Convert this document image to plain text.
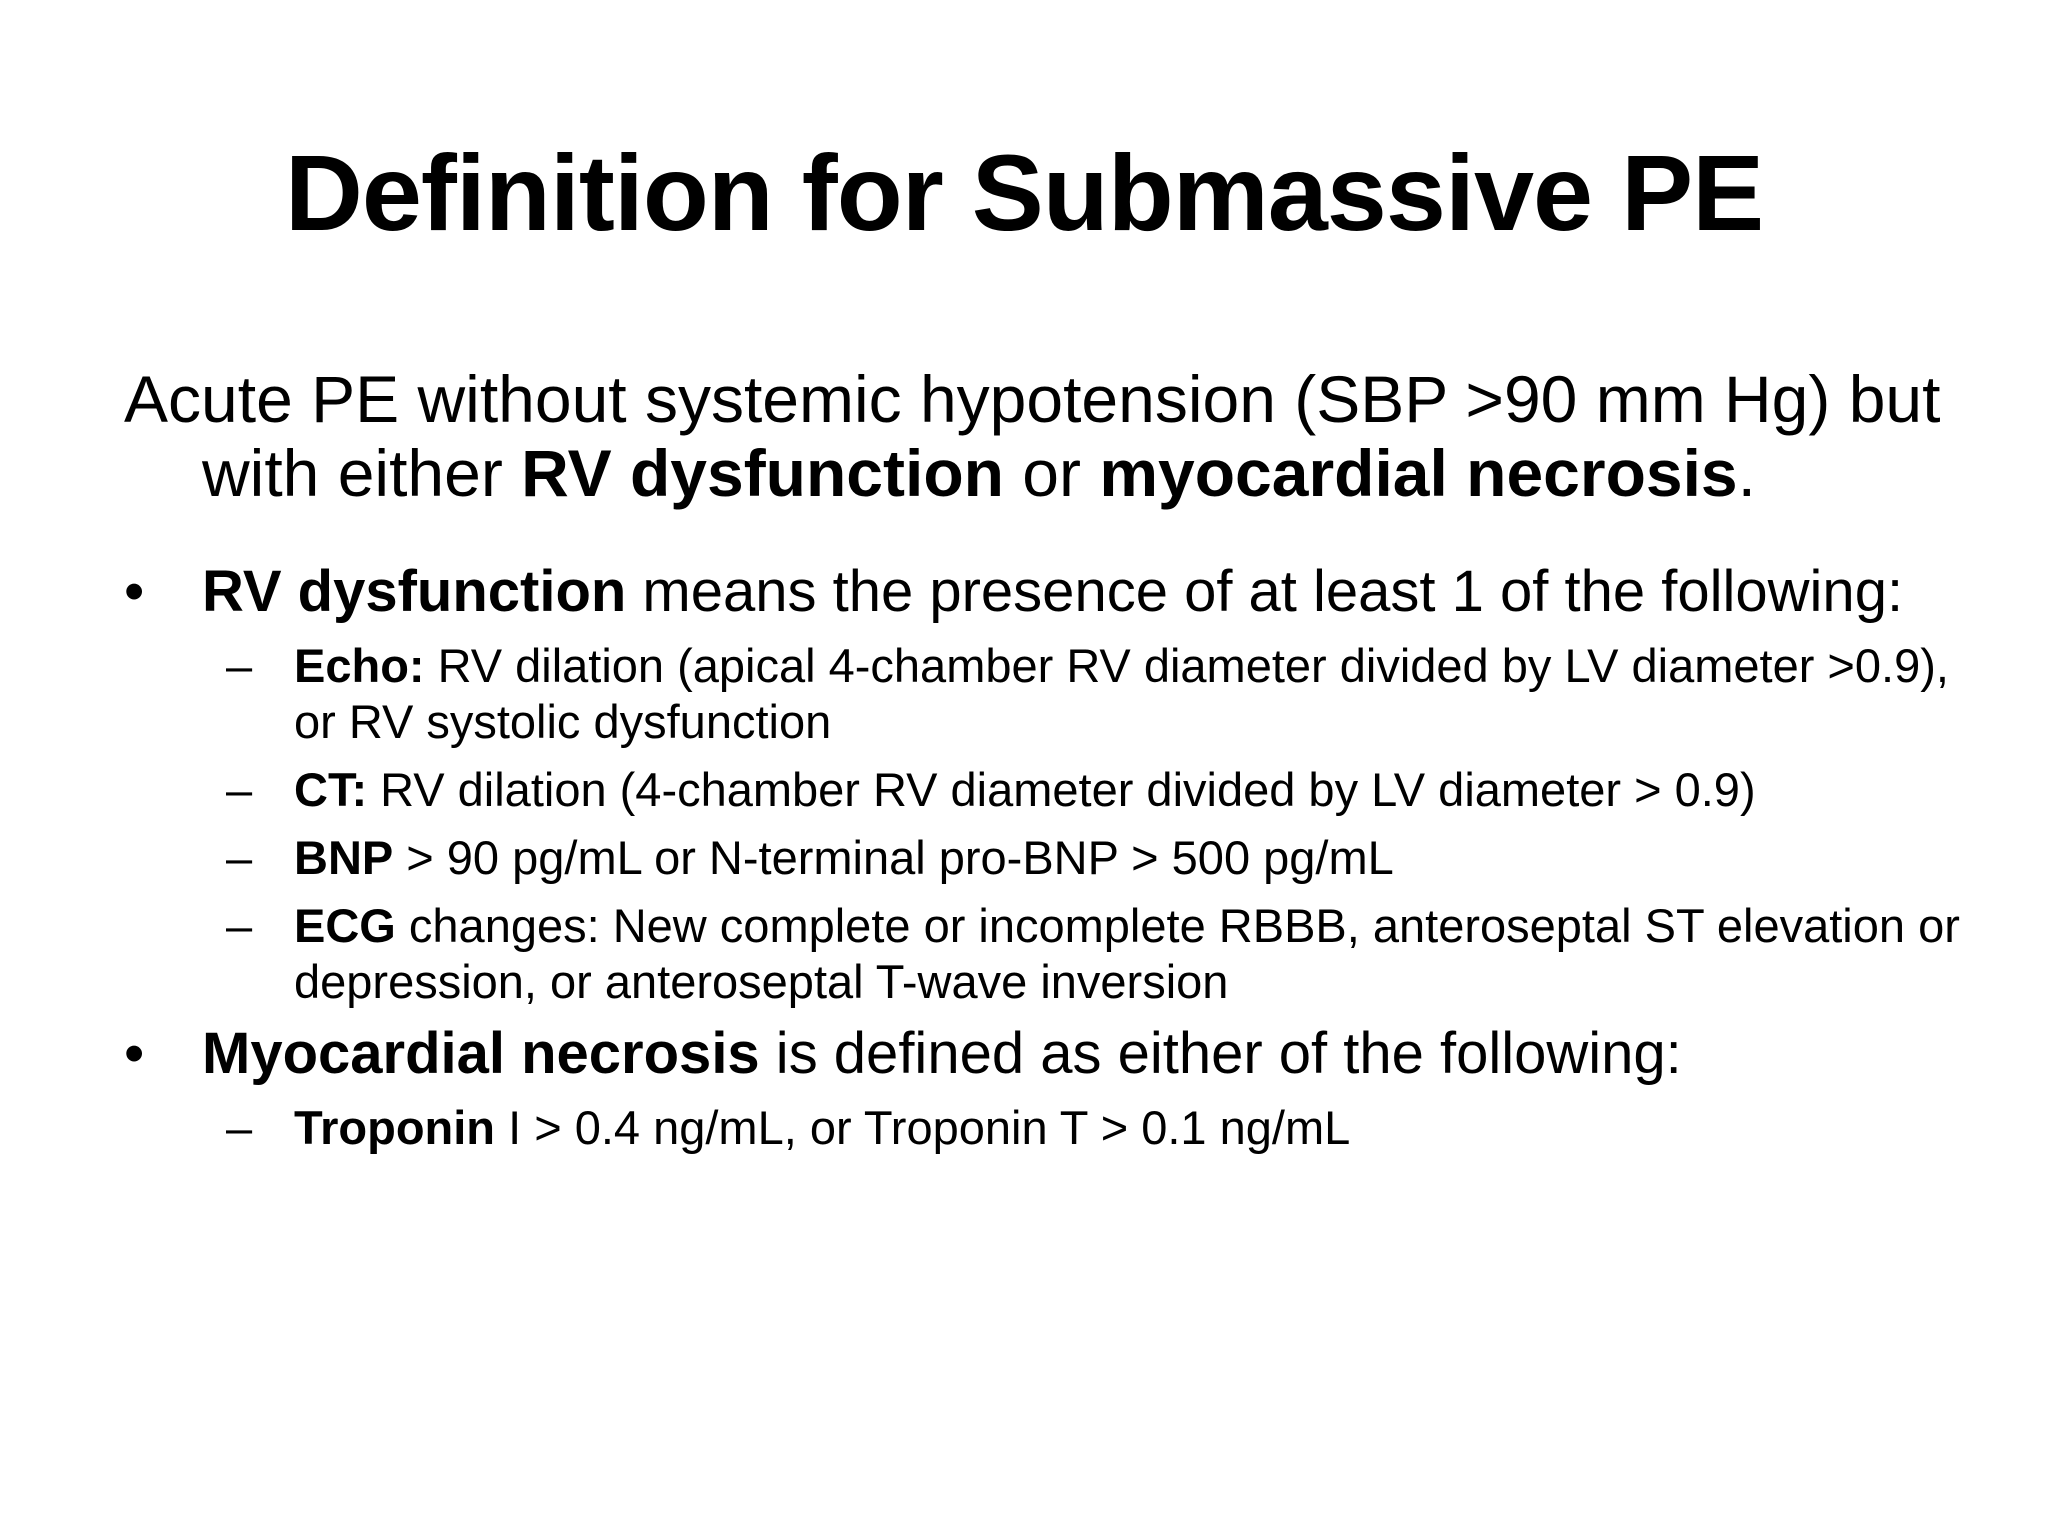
Definition for Submassive PE
Acute PE without systemic hypotension (SBP >90 mm Hg) but with either RV dysfunction or myocardial necrosis.
• RV dysfunction means the presence of at least 1 of the following:
– Echo: RV dilation (apical 4-chamber RV diameter divided by LV diameter >0.9), or RV systolic dysfunction
– CT: RV dilation (4-chamber RV diameter divided by LV diameter > 0.9)
– BNP > 90 pg/mL or N-terminal pro-BNP > 500 pg/mL
– ECG changes: New complete or incomplete RBBB, anteroseptal ST elevation or depression, or anteroseptal T-wave inversion
• Myocardial necrosis is defined as either of the following:
– Troponin I > 0.4 ng/mL, or Troponin T > 0.1 ng/mL
